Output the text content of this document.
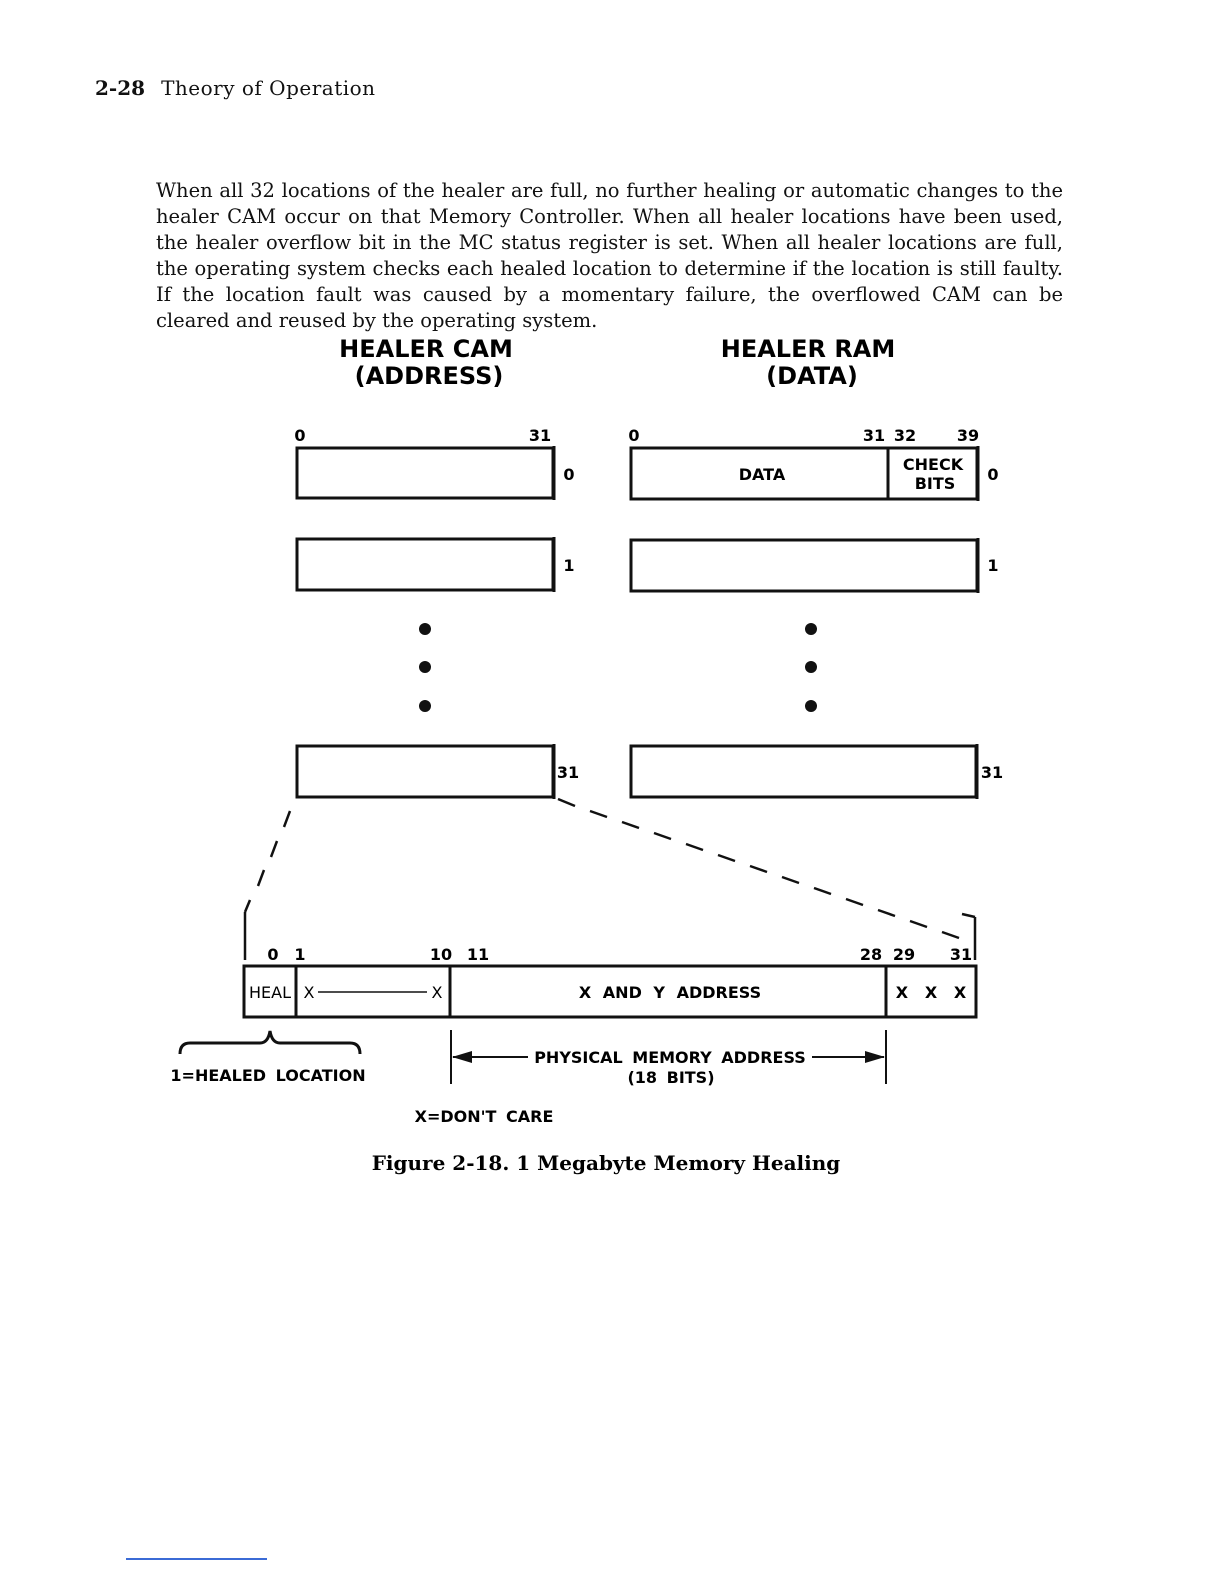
2-28 Theory of Operation

When all 32 locations of the healer are full, no further healing or automatic changes to the healer CAM occur on that Memory Controller. When all healer locations have been used, the healer overflow bit in the MC status register is set. When all healer locations are full, the operating system checks each healed location to determine if the location is still faulty. If the location fault was caused by a momentary failure, the overflowed CAM can be cleared and reused by the operating system.

HEALER CAM
(ADDRESS)
HEALER RAM
(DATA)
0	31	0	31 32	39
DATA
CHECK
BITS
0
1
31
0
1
31
0 1	10 11	28 29 31
HEAL X	X	X AND Y ADDRESS	X   X   X
1=HEALED LOCATION
PHYSICAL MEMORY ADDRESS
(18 BITS)
X=DON'T CARE
Figure 2-18. 1 Megabyte Memory Healing
